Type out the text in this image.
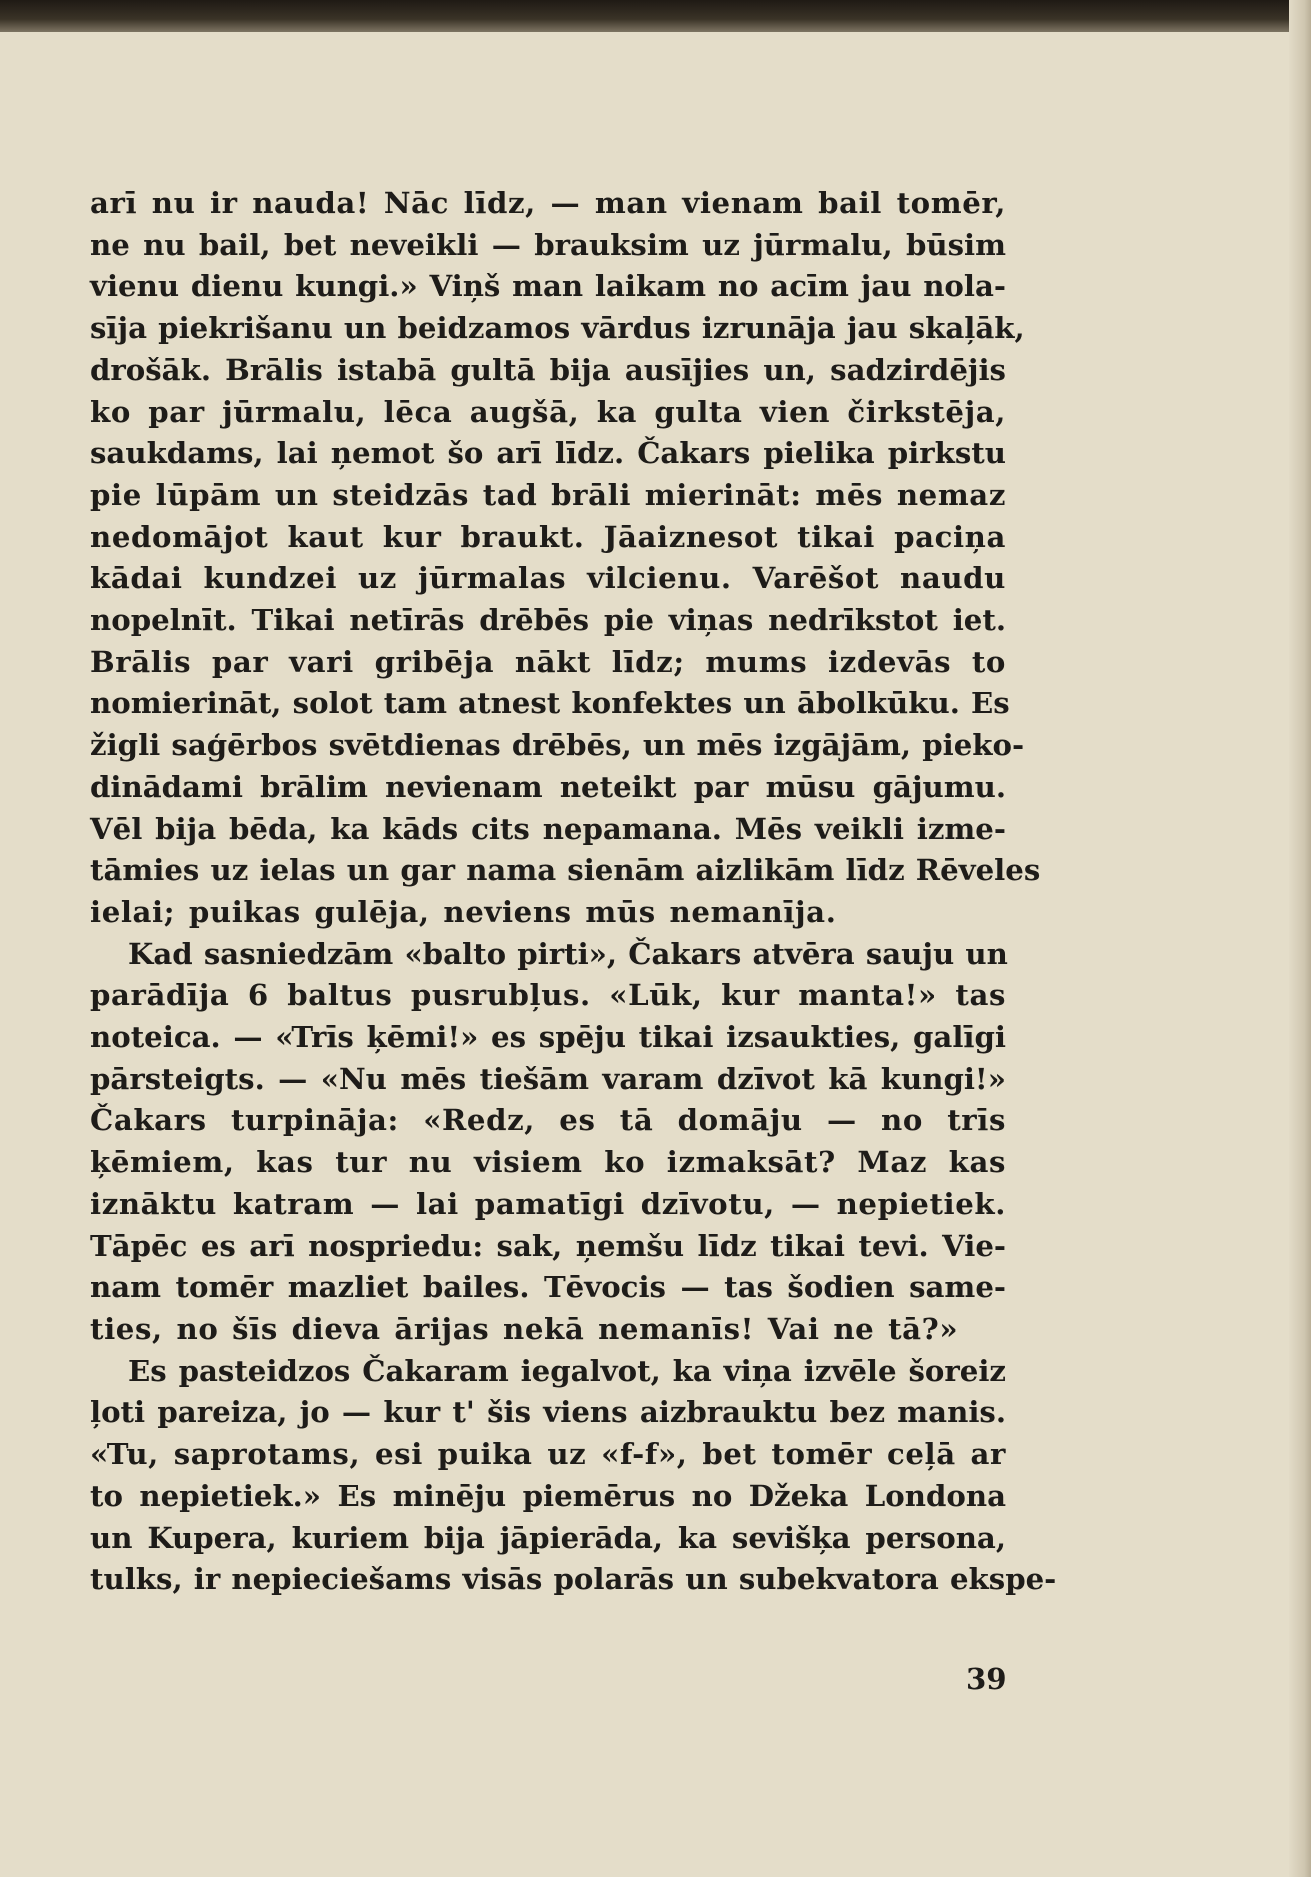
arī nu ir nauda! Nāc līdz, — man vienam bail tomēr,
ne nu bail, bet neveikli — brauksim uz jūrmalu, būsim
vienu dienu kungi.» Viņš man laikam no acīm jau nola-
sīja piekrišanu un beidzamos vārdus izrunāja jau skaļāk,
drošāk. Brālis istabā gultā bija ausījies un, sadzirdējis
ko par jūrmalu, lēca augšā, ka gulta vien čirkstēja,
saukdams, lai ņemot šo arī līdz. Čakars pielika pirkstu
pie lūpām un steidzās tad brāli mierināt: mēs nemaz
nedomājot kaut kur braukt. Jāaiznesot tikai paciņa
kādai kundzei uz jūrmalas vilcienu. Varēšot naudu
nopelnīt. Tikai netīrās drēbēs pie viņas nedrīkstot iet.
Brālis par vari gribēja nākt līdz; mums izdevās to
nomierināt, solot tam atnest konfektes un ābolkūku. Es
žigli saģērbos svētdienas drēbēs, un mēs izgājām, pieko-
dinādami brālim nevienam neteikt par mūsu gājumu.
Vēl bija bēda, ka kāds cits nepamana. Mēs veikli izme-
tāmies uz ielas un gar nama sienām aizlikām līdz Rēveles
ielai; puikas gulēja, neviens mūs nemanīja.

Kad sasniedzām «balto pirti», Čakars atvēra sauju un
parādīja 6 baltus pusrubļus. «Lūk, kur manta!» tas
noteica. — «Trīs ķēmi!» es spēju tikai izsaukties, galīgi
pārsteigts. — «Nu mēs tiešām varam dzīvot kā kungi!»
Čakars turpināja: «Redz, es tā domāju — no trīs
ķēmiem, kas tur nu visiem ko izmaksāt? Maz kas
iznāktu katram — lai pamatīgi dzīvotu, — nepietiek.
Tāpēc es arī nospriedu: sak, ņemšu līdz tikai tevi. Vie-
nam tomēr mazliet bailes. Tēvocis — tas šodien same-
ties, no šīs dieva ārijas nekā nemanīs! Vai ne tā?»

Es pasteidzos Čakaram iegalvot, ka viņa izvēle šoreiz
ļoti pareiza, jo — kur t' šis viens aizbrauktu bez manis.
«Tu, saprotams, esi puika uz «f-f», bet tomēr ceļā ar
to nepietiek.» Es minēju piemērus no Džeka Londona
un Kupera, kuriem bija jāpierāda, ka sevišķa persona,
tulks, ir nepieciešams visās polarās un subekvatora ekspe-

39
